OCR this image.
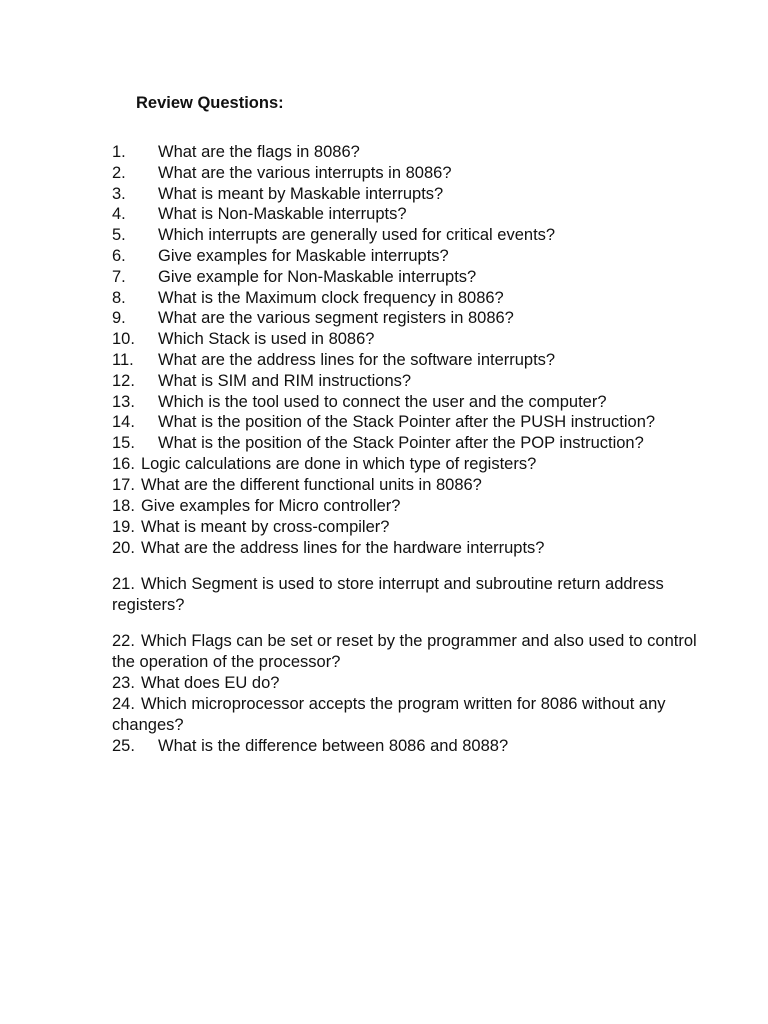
Review Questions:
1. What are the flags in 8086?
2. What are the various interrupts in 8086?
3. What is meant by Maskable interrupts?
4. What is Non-Maskable interrupts?
5. Which interrupts are generally used for critical events?
6. Give examples for Maskable interrupts?
7. Give example for Non-Maskable interrupts?
8. What is the Maximum clock frequency in 8086?
9. What are the various segment registers in 8086?
10. Which Stack is used in 8086?
11. What are the address lines for the software interrupts?
12. What is SIM and RIM instructions?
13. Which is the tool used to connect the user and the computer?
14. What is the position of the Stack Pointer after the PUSH instruction?
15. What is the position of the Stack Pointer after the POP instruction?
16. Logic calculations are done in which type of registers?
17. What are the different functional units in 8086?
18. Give examples for Micro controller?
19. What is meant by cross-compiler?
20. What are the address lines for the hardware interrupts?
21. Which Segment is used to store interrupt and subroutine return address registers?
22. Which Flags can be set or reset by the programmer and also used to control the operation of the processor?
23. What does EU do?
24. Which microprocessor accepts the program written for 8086 without any changes?
25. What is the difference between 8086 and 8088?
